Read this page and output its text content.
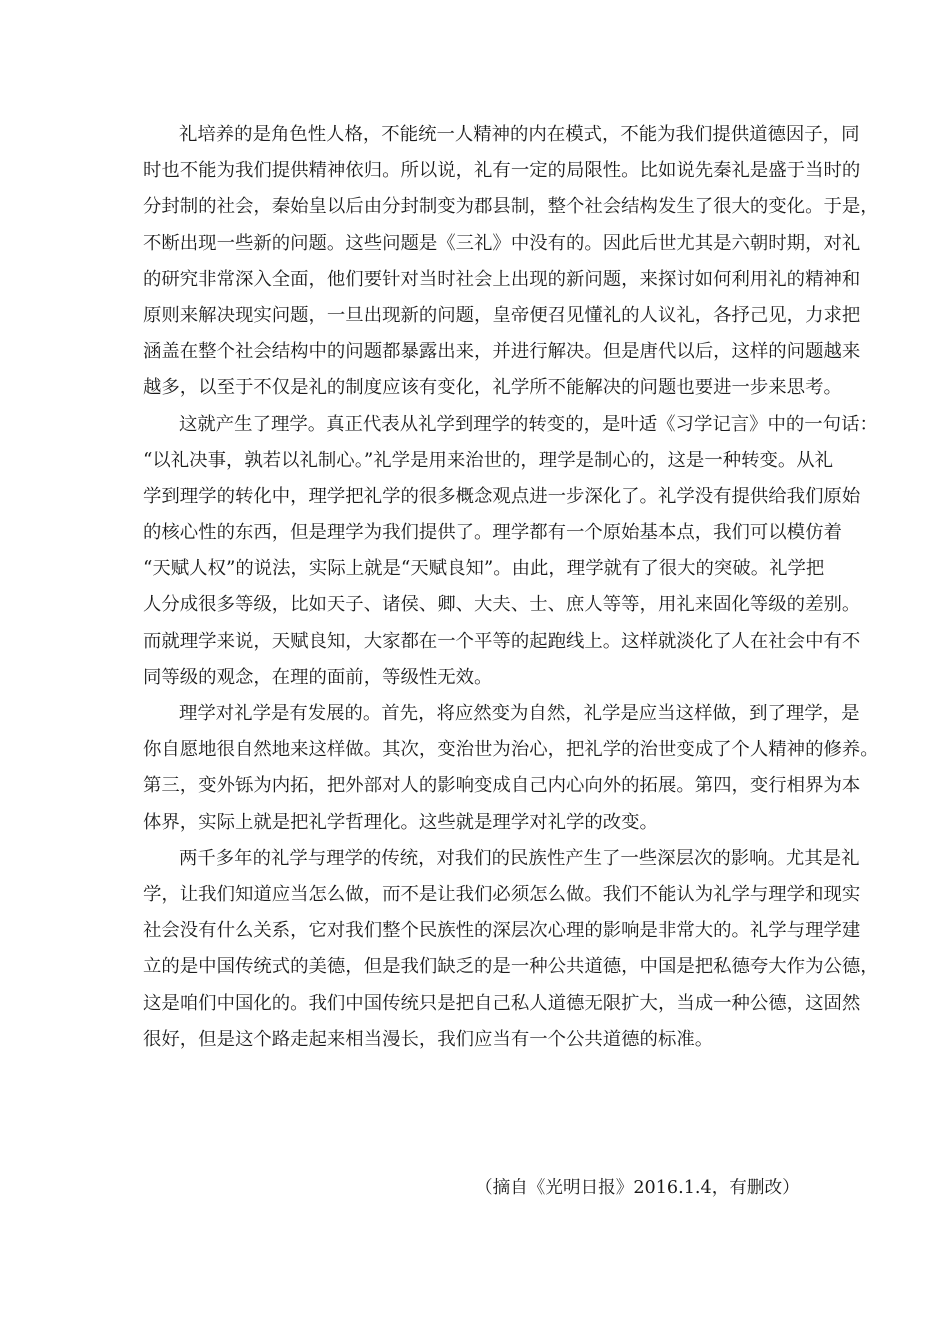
礼培养的是角色性人格，不能统一人精神的内在模式，不能为我们提供道德因子，同
时也不能为我们提供精神依归。所以说，礼有一定的局限性。比如说先秦礼是盛于当时的
分封制的社会，秦始皇以后由分封制变为郡县制，整个社会结构发生了很大的变化。于是，
不断出现一些新的问题。这些问题是《三礼》中没有的。因此后世尤其是六朝时期，对礼
的研究非常深入全面，他们要针对当时社会上出现的新问题，来探讨如何利用礼的精神和
原则来解决现实问题，一旦出现新的问题，皇帝便召见懂礼的人议礼，各抒己见，力求把
涵盖在整个社会结构中的问题都暴露出来，并进行解决。但是唐代以后，这样的问题越来
越多，以至于不仅是礼的制度应该有变化，礼学所不能解决的问题也要进一步来思考。
这就产生了理学。真正代表从礼学到理学的转变的，是叶适《习学记言》中的一句话：
“以礼决事，孰若以礼制心。”礼学是用来治世的，理学是制心的，这是一种转变。从礼
学到理学的转化中，理学把礼学的很多概念观点进一步深化了。礼学没有提供给我们原始
的核心性的东西，但是理学为我们提供了。理学都有一个原始基本点，我们可以模仿着
“天赋人权”的说法，实际上就是“天赋良知”。由此，理学就有了很大的突破。礼学把
人分成很多等级，比如天子、诸侯、卿、大夫、士、庶人等等，用礼来固化等级的差别。
而就理学来说，天赋良知，大家都在一个平等的起跑线上。这样就淡化了人在社会中有不
同等级的观念，在理的面前，等级性无效。
理学对礼学是有发展的。首先，将应然变为自然，礼学是应当这样做，到了理学，是
你自愿地很自然地来这样做。其次，变治世为治心，把礼学的治世变成了个人精神的修养。
第三，变外铄为内拓，把外部对人的影响变成自己内心向外的拓展。第四，变行相界为本
体界，实际上就是把礼学哲理化。这些就是理学对礼学的改变。
两千多年的礼学与理学的传统，对我们的民族性产生了一些深层次的影响。尤其是礼
学，让我们知道应当怎么做，而不是让我们必须怎么做。我们不能认为礼学与理学和现实
社会没有什么关系，它对我们整个民族性的深层次心理的影响是非常大的。礼学与理学建
立的是中国传统式的美德，但是我们缺乏的是一种公共道德，中国是把私德夸大作为公德，
这是咱们中国化的。我们中国传统只是把自己私人道德无限扩大，当成一种公德，这固然
很好，但是这个路走起来相当漫长，我们应当有一个公共道德的标准。
（摘自《光明日报》2016.1.4，有删改）
